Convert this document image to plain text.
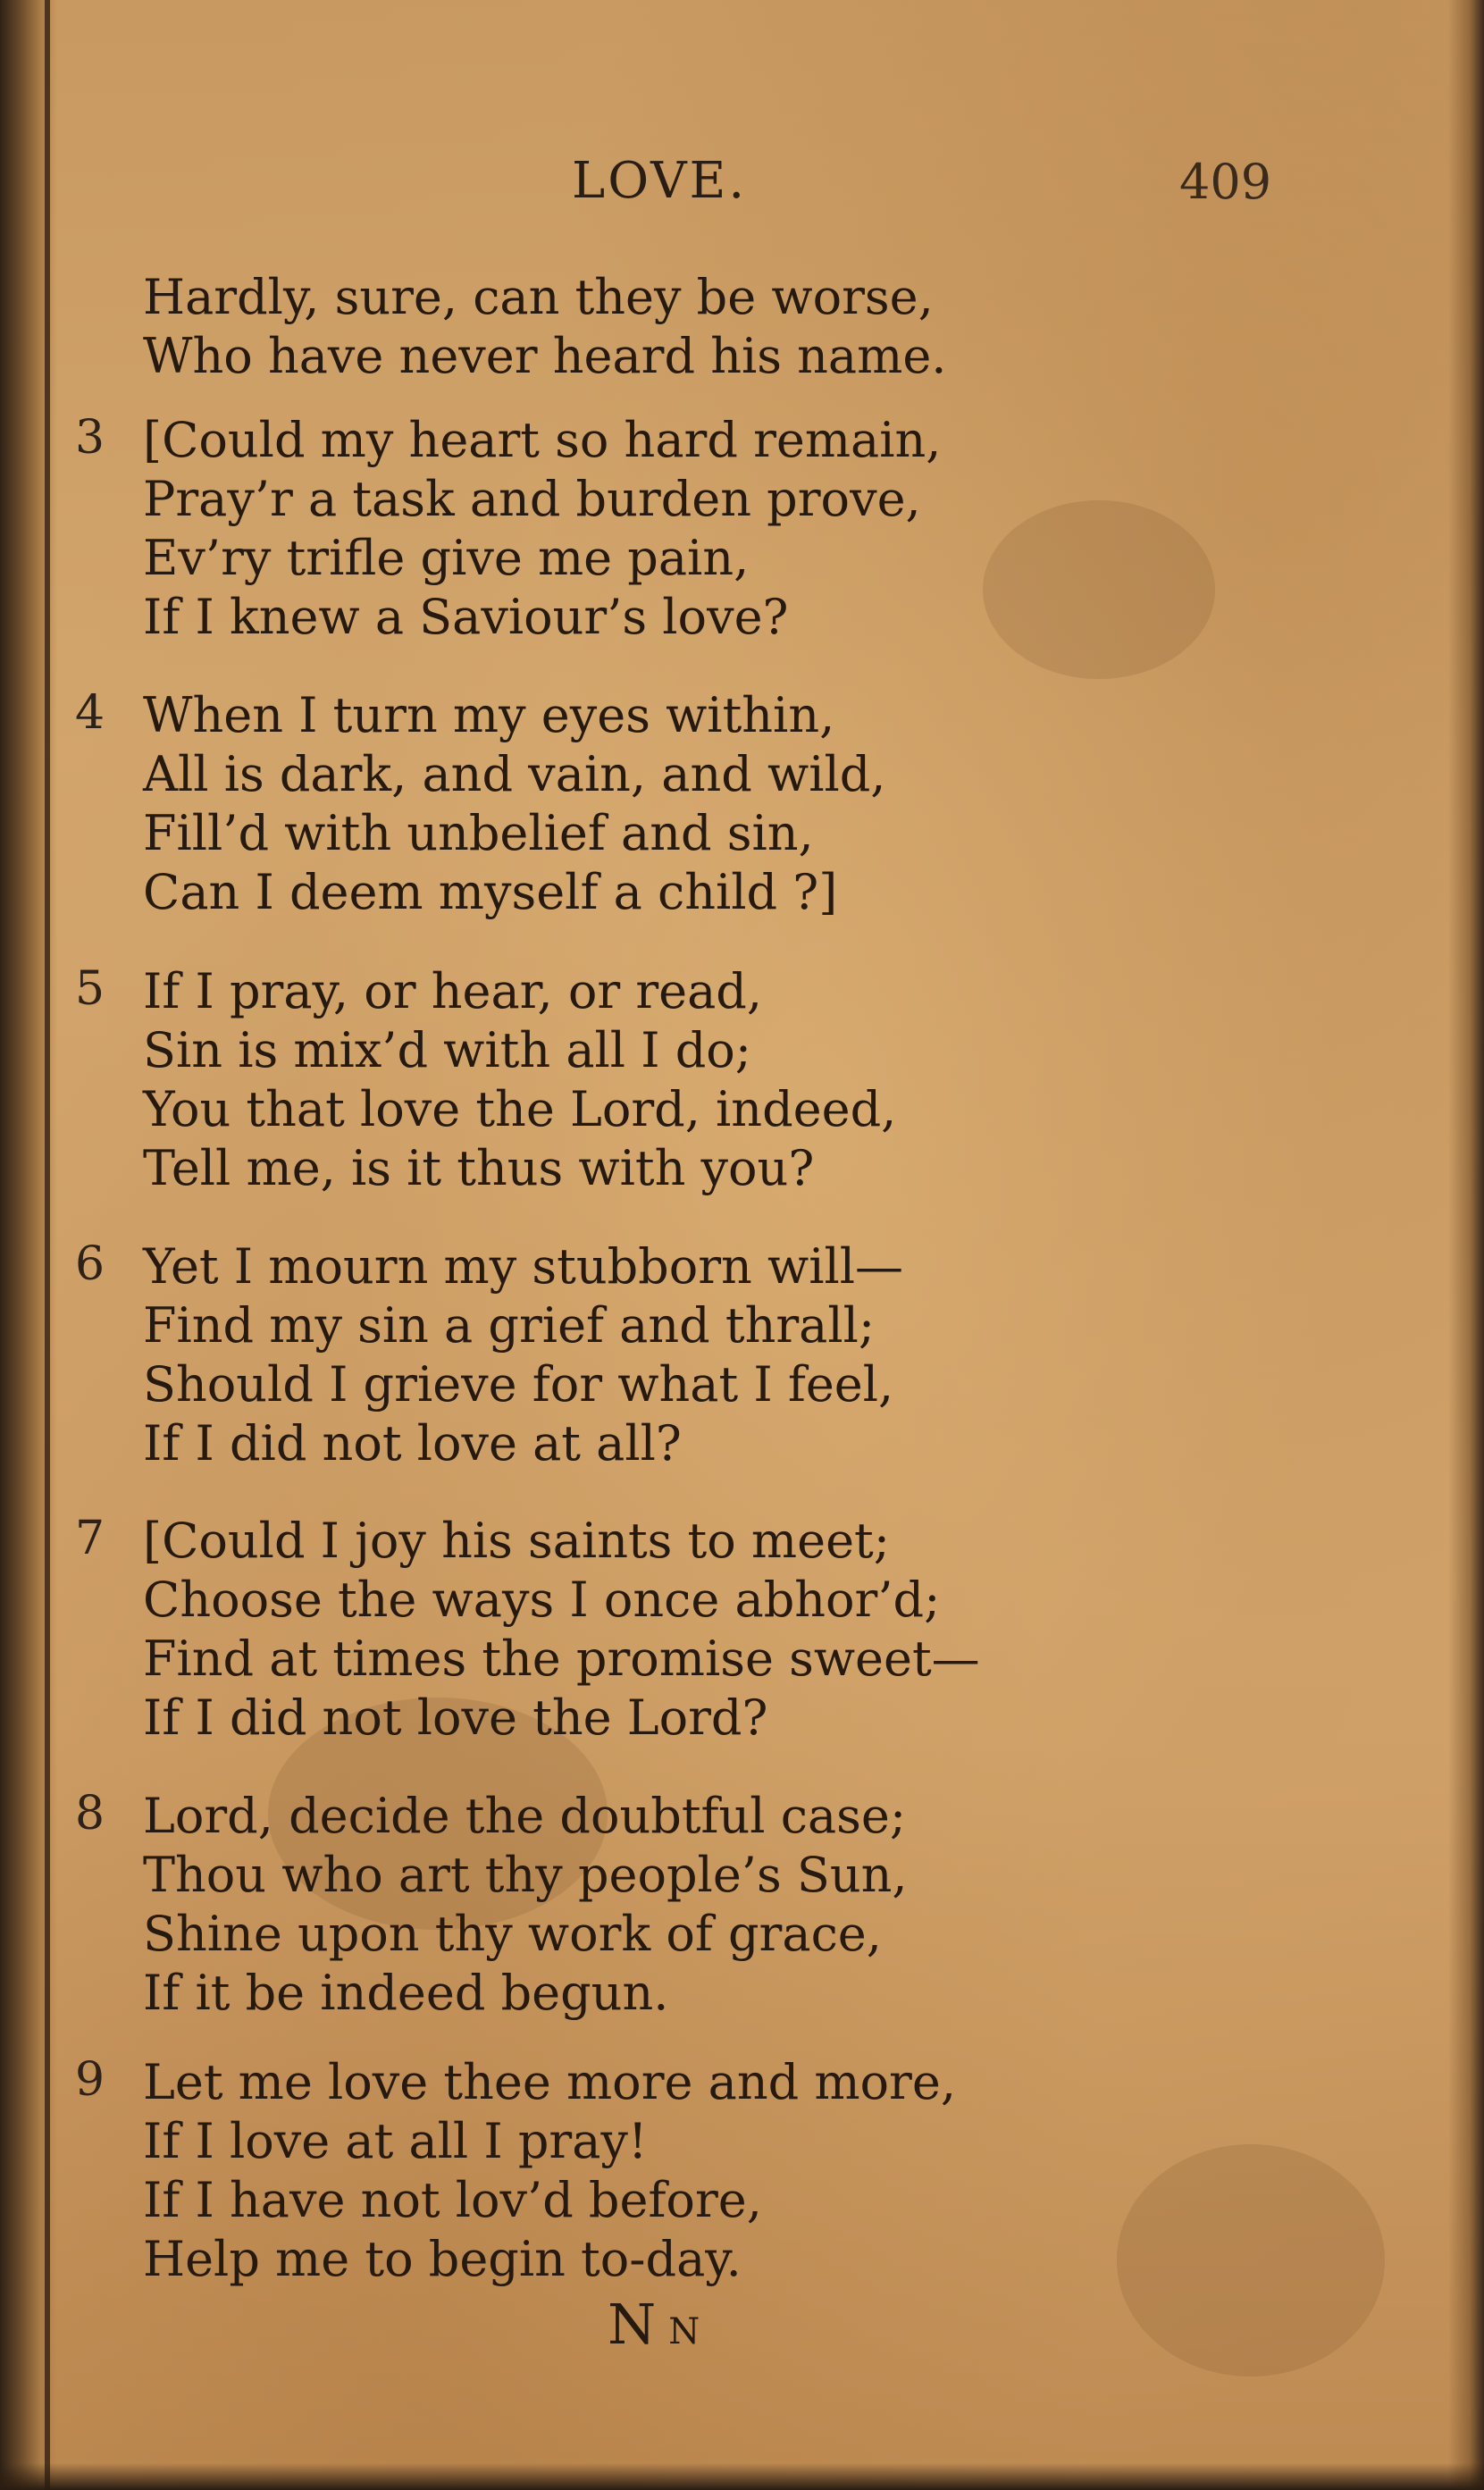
LOVE.	409
Hardly, sure, can they be worse,
Who have never heard his name.
3 [Could my heart so hard remain,
Pray’r a task and burden prove,
Ev’ry trifle give me pain,
If I knew a Saviour’s love?
4 When I turn my eyes within,
All is dark, and vain, and wild,
Fill’d with unbelief and sin,
Can I deem myself a child ?]
5 If I pray, or hear, or read,
Sin is mix’d with all I do;
You that love the Lord, indeed,
Tell me, is it thus with you?
6 Yet I mourn my stubborn will—
Find my sin a grief and thrall;
Should I grieve for what I feel,
If I did not love at all?
7 [Could I joy his saints to meet;
Choose the ways I once abhor’d;
Find at times the promise sweet—
If I did not love the Lord?
8 Lord, decide the doubtful case;
Thou who art thy people’s Sun,
Shine upon thy work of grace,
If it be indeed begun.
9 Let me love thee more and more,
If I love at all I pray!
If I have not lov’d before,
Help me to begin to-day.
N N
